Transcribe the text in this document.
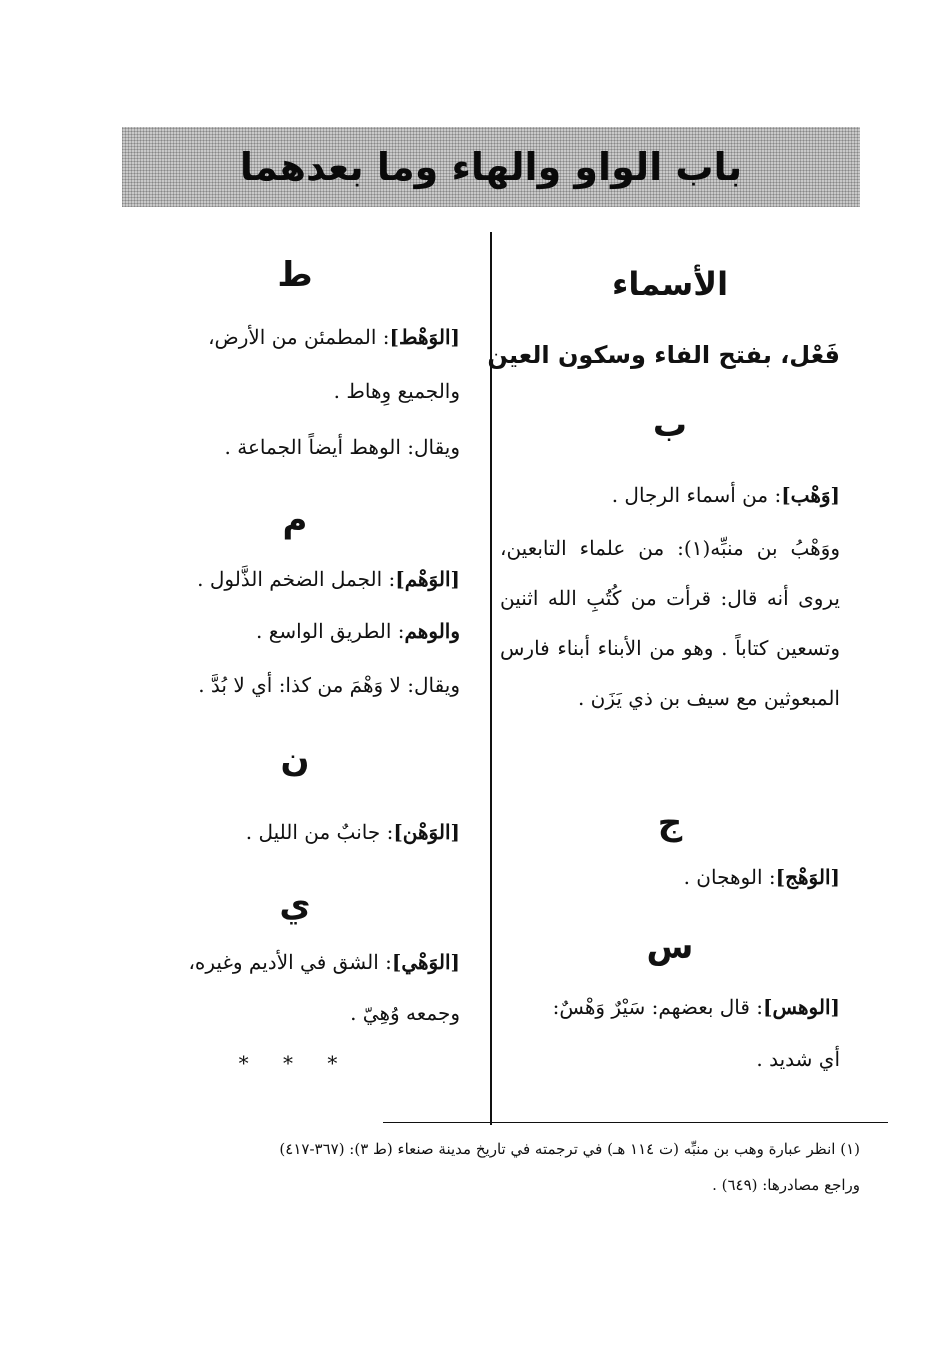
باب الواو والهاء وما بعدهما
الأسماء
فَعْل، بفتح الفاء وسكون العين
ب
[وَهْب]: من أسماء الرجال .
ووَهْبُ بن منبِّه(١): من علماء التابعين، يروى أنه قال: قرأت من كُتُبِ الله اثنين وتسعين كتاباً . وهو من الأبناء أبناء فارس المبعوثين مع سيف بن ذي يَزَن .
ج
[الوَهْج]: الوهجان .
س
[الوهس]: قال بعضهم: سَيْرٌ وَهْسٌ:
أي شديد .
ط
[الوَهْط]: المطمئن من الأرض،
والجميع وِهاط .
ويقال: الوهط أيضاً الجماعة .
م
[الوَهْم]: الجمل الضخم الذَّلول .
والوهم: الطريق الواسع .
ويقال: لا وَهْمَ من كذا: أي لا بُدَّ .
ن
[الوَهْن]: جانبٌ من الليل .
ي
[الوَهْي]: الشق في الأديم وغيره،
وجمعه وُهِيّ .
* * *
(١) انظر عبارة وهب بن منبِّه (ت ١١٤ هـ) في ترجمته في تاريخ مدينة صنعاء (ط ٣): (٣٦٧-٤١٧)
وراجع مصادرها: (٦٤٩) .
